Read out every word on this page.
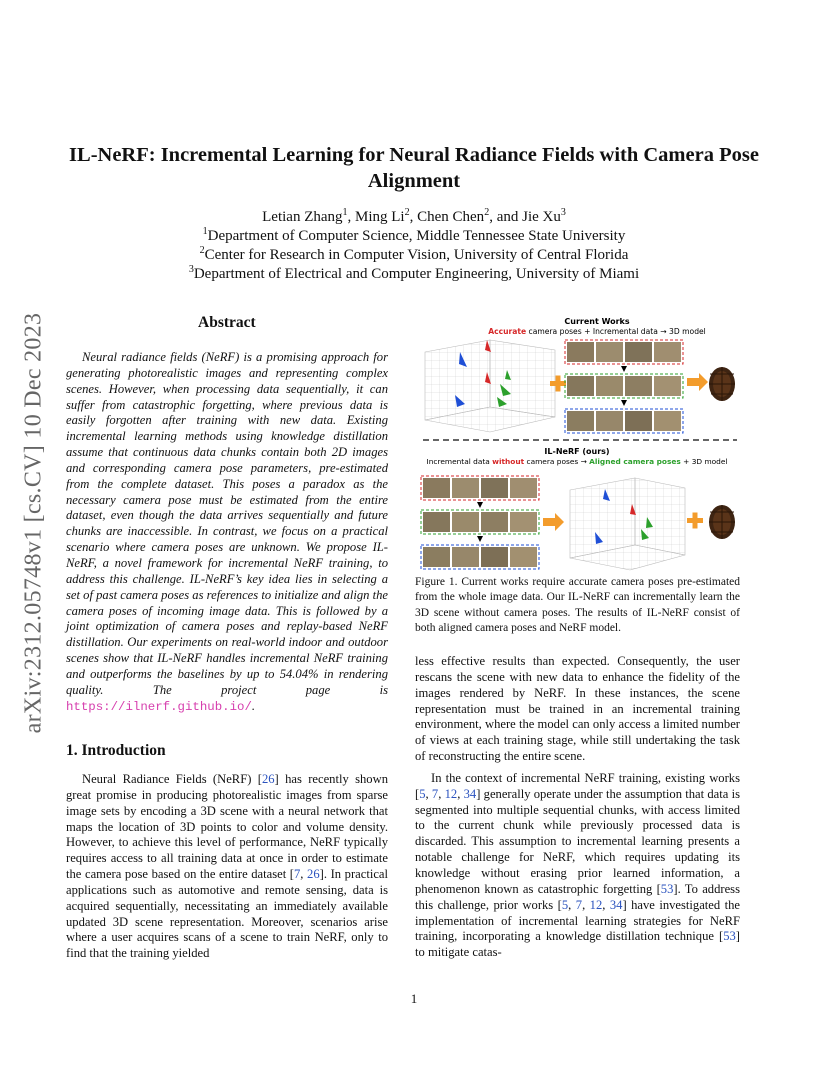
arXiv:2312.05748v1 [cs.CV] 10 Dec 2023
IL-NeRF: Incremental Learning for Neural Radiance Fields with Camera Pose Alignment
Letian Zhang$^1$, Ming Li$^2$, Chen Chen$^2$, and Jie Xu$^3$
$^1$Department of Computer Science, Middle Tennessee State University
$^2$Center for Research in Computer Vision, University of Central Florida
$^3$Department of Electrical and Computer Engineering, University of Miami
Abstract

Neural radiance fields (NeRF) is a promising approach for generating photorealistic images and representing complex scenes. However, when processing data sequentially, it can suffer from catastrophic forgetting, where previous data is easily forgotten after training with new data. Existing incremental learning methods using knowledge distillation assume that continuous data chunks contain both 2D images and corresponding camera pose parameters, pre-estimated from the complete dataset. This poses a paradox as the necessary camera pose must be estimated from the entire dataset, even though the data arrives sequentially and future chunks are inaccessible. In contrast, we focus on a practical scenario where camera poses are unknown. We propose IL-NeRF, a novel framework for incremental NeRF training, to address this challenge. IL-NeRF’s key idea lies in selecting a set of past camera poses as references to initialize and align the camera poses of incoming image data. This is followed by a joint optimization of camera poses and replay-based NeRF distillation. Our experiments on real-world indoor and outdoor scenes show that IL-NeRF handles incremental NeRF training and outperforms the baselines by up to 54.04% in rendering quality. The project page is https://ilnerf.github.io/.

1. Introduction

Neural Radiance Fields (NeRF) [26] has recently shown great promise in producing photorealistic images from sparse image sets by encoding a 3D scene with a neural network that maps the location of 3D points to color and volume density. However, to achieve this level of performance, NeRF typically requires access to all training data at once in order to estimate the camera pose based on the entire dataset [7, 26]. In practical applications such as automotive and remote sensing, data is acquired sequentially, necessitating an immediately available updated 3D scene representation. Moreover, scenarios arise where a user acquires scans of a scene to train NeRF, only to find that the training yielded

Current Works
Accurate camera poses + Incremental data → 3D model
IL-NeRF (ours)
Incremental data without camera poses → Aligned camera poses + 3D model
Figure 1. Current works require accurate camera poses pre-estimated from the whole image data. Our IL-NeRF can incrementally learn the 3D scene without camera poses. The results of IL-NeRF consist of both aligned camera poses and NeRF model.

less effective results than expected. Consequently, the user rescans the scene with new data to enhance the fidelity of the images rendered by NeRF. In these instances, the scene representation must be trained in an incremental training environment, where the model can only access a limited number of views at each training stage, while still undertaking the task of reconstructing the entire scene.

In the context of incremental NeRF training, existing works [5, 7, 12, 34] generally operate under the assumption that data is segmented into multiple sequential chunks, with access limited to the current chunk while previously processed data is discarded. This assumption to incremental learning presents a notable challenge for NeRF, which requires updating its knowledge without erasing prior learned information, a phenomenon known as catastrophic forgetting [53]. To address this challenge, prior works [5, 7, 12, 34] have investigated the implementation of incremental learning strategies for NeRF training, incorporating a knowledge distillation technique [53] to mitigate catas-

1
